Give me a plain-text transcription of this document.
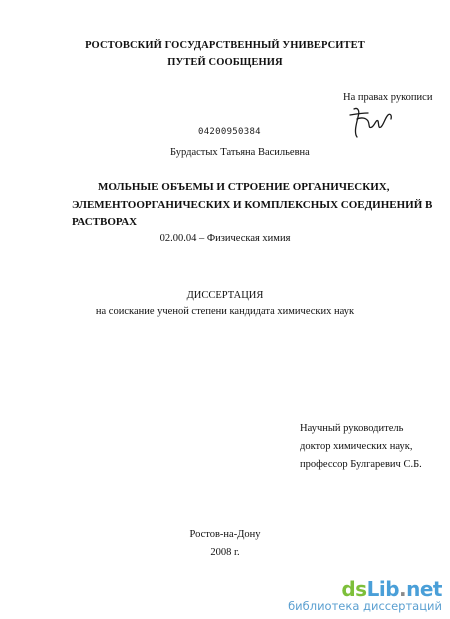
РОСТОВСКИЙ ГОСУДАРСТВЕННЫЙ УНИВЕРСИТЕТ
ПУТЕЙ СООБЩЕНИЯ
На правах рукописи
04200950384
Бурдастых Татьяна Васильевна
МОЛЬНЫЕ ОБЪЕМЫ И СТРОЕНИЕ ОРГАНИЧЕСКИХ,
ЭЛЕМЕНТООРГАНИЧЕСКИХ И КОМПЛЕКСНЫХ СОЕДИНЕНИЙ В
РАСТВОРАХ
02.00.04 – Физическая химия
ДИССЕРТАЦИЯ
на соискание ученой степени кандидата химических наук
Научный руководитель
доктор химических наук,
профессор Булгаревич С.Б.
Ростов-на-Дону
2008 г.
dsLib.net
библиотека диссертаций
